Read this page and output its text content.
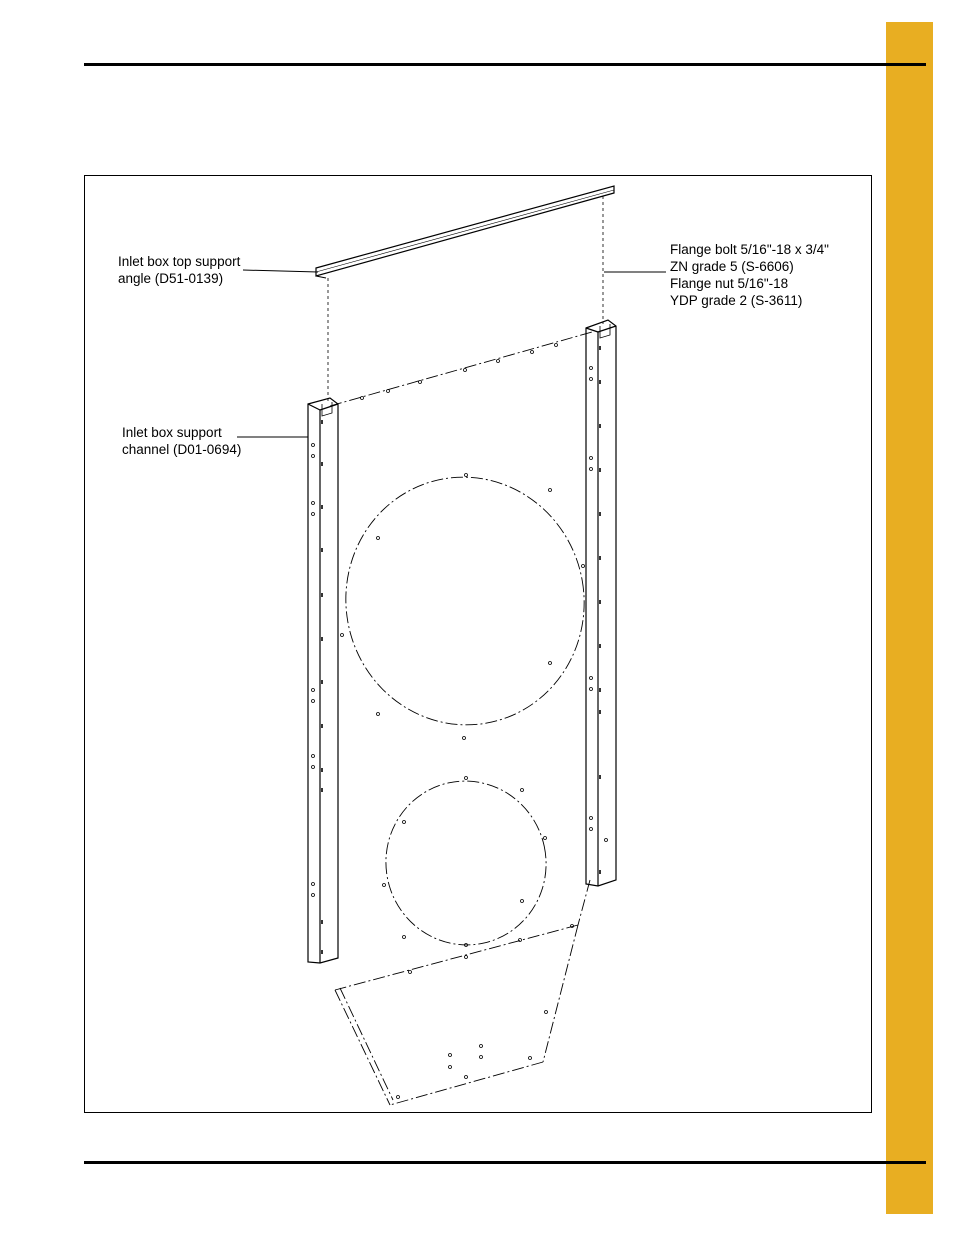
Inlet box top support
angle (D51-0139)
Inlet box support
channel (D01-0694)
Flange bolt 5/16"-18 x 3/4"
ZN grade 5 (S-6606)
Flange nut 5/16"-18
YDP grade 2 (S-3611)
